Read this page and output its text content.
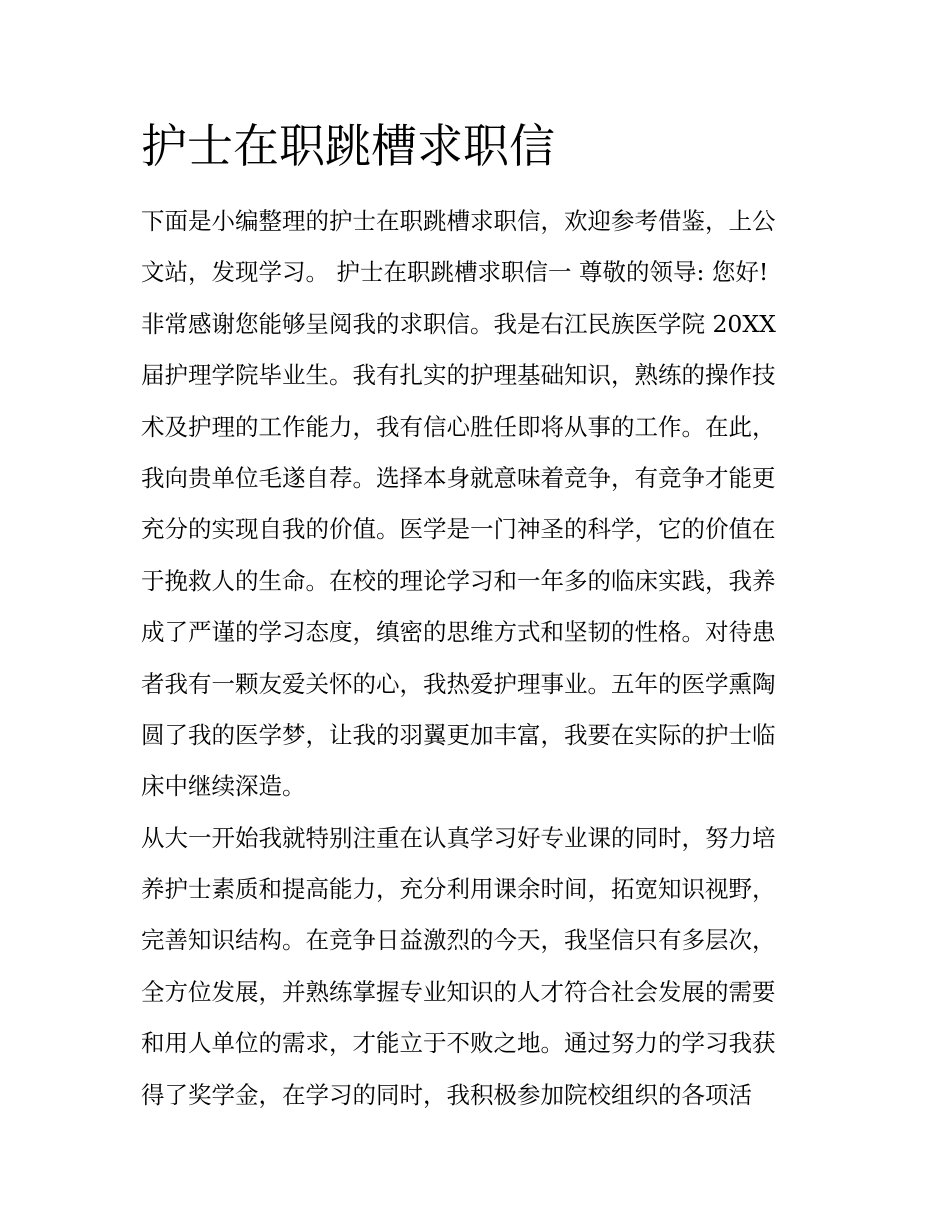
护士在职跳槽求职信
下面是小编整理的护士在职跳槽求职信，欢迎参考借鉴，上公
文站，发现学习。 护士在职跳槽求职信一 尊敬的领导: 您好!
非常感谢您能够呈阅我的求职信。我是右江民族医学院 20XX
届护理学院毕业生。我有扎实的护理基础知识，熟练的操作技
术及护理的工作能力，我有信心胜任即将从事的工作。在此，
我向贵单位毛遂自荐。选择本身就意味着竞争，有竞争才能更
充分的实现自我的价值。医学是一门神圣的科学，它的价值在
于挽救人的生命。在校的理论学习和一年多的临床实践，我养
成了严谨的学习态度，缜密的思维方式和坚韧的性格。对待患
者我有一颗友爱关怀的心，我热爱护理事业。五年的医学熏陶
圆了我的医学梦，让我的羽翼更加丰富，我要在实际的护士临
床中继续深造。
从大一开始我就特别注重在认真学习好专业课的同时，努力培
养护士素质和提高能力，充分利用课余时间，拓宽知识视野，
完善知识结构。在竞争日益激烈的今天，我坚信只有多层次，
全方位发展，并熟练掌握专业知识的人才符合社会发展的需要
和用人单位的需求，才能立于不败之地。通过努力的学习我获
得了奖学金，在学习的同时，我积极参加院校组织的各项活
